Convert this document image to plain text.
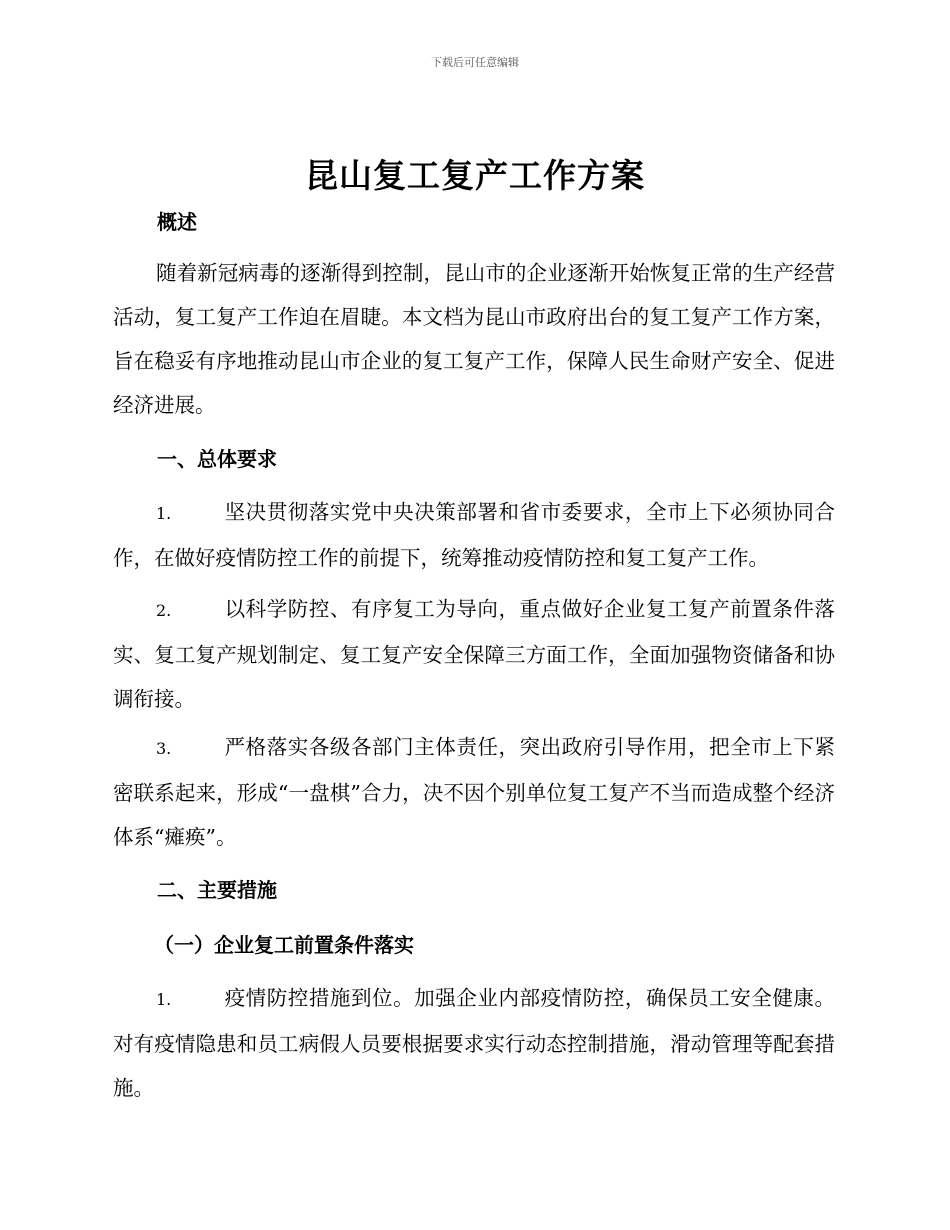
下载后可任意编辑
昆山复工复产工作方案
概述

随着新冠病毒的逐渐得到控制，昆山市的企业逐渐开始恢复正常的生产经营活动，复工复产工作迫在眉睫。本文档为昆山市政府出台的复工复产工作方案，旨在稳妥有序地推动昆山市企业的复工复产工作，保障人民生命财产安全、促进经济进展。

一、总体要求

1.	坚决贯彻落实党中央决策部署和省市委要求，全市上下必须协同合作，在做好疫情防控工作的前提下，统筹推动疫情防控和复工复产工作。

2.	以科学防控、有序复工为导向，重点做好企业复工复产前置条件落实、复工复产规划制定、复工复产安全保障三方面工作，全面加强物资储备和协调衔接。

3.	严格落实各级各部门主体责任，突出政府引导作用，把全市上下紧密联系起来，形成“一盘棋”合力，决不因个别单位复工复产不当而造成整个经济体系“瘫痪”。

二、主要措施
（一）企业复工前置条件落实

1.	疫情防控措施到位。加强企业内部疫情防控，确保员工安全健康。对有疫情隐患和员工病假人员要根据要求实行动态控制措施，滑动管理等配套措施。
